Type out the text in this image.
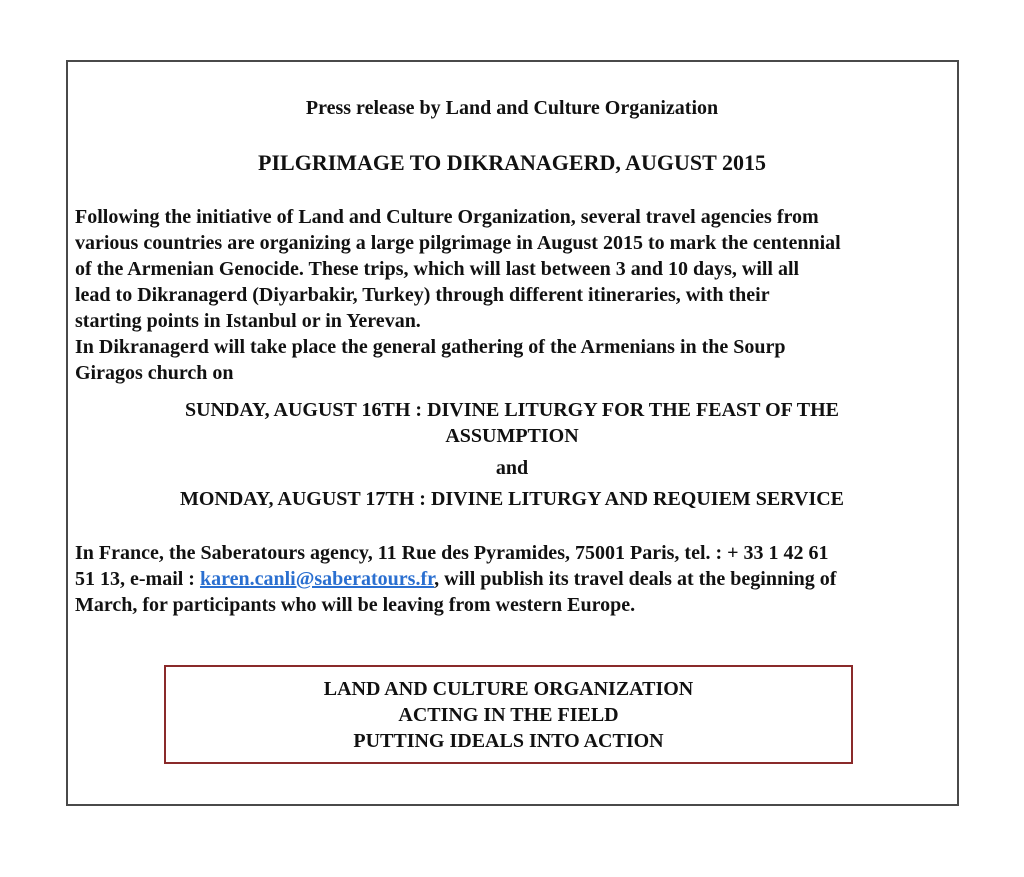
Press release by Land and Culture Organization
PILGRIMAGE TO DIKRANAGERD, AUGUST 2015
Following the initiative of Land and Culture Organization, several travel agencies from
various countries are organizing a large pilgrimage in August 2015 to mark the centennial
of the Armenian Genocide. These trips, which will last between 3 and 10 days, will all
lead to Dikranagerd (Diyarbakir, Turkey) through different itineraries, with their
starting points in Istanbul or in Yerevan.
In Dikranagerd will take place the general gathering of the Armenians in the Sourp
Giragos church on
SUNDAY, AUGUST 16TH : DIVINE LITURGY FOR THE FEAST OF THE
ASSUMPTION
and
MONDAY, AUGUST 17TH : DIVINE LITURGY AND REQUIEM SERVICE
In France, the Saberatours agency, 11 Rue des Pyramides, 75001 Paris, tel. : + 33 1 42 61
51 13, e-mail : karen.canli@saberatours.fr, will publish its travel deals at the beginning of
March, for participants who will be leaving from western Europe.
LAND AND CULTURE ORGANIZATION
ACTING IN THE FIELD
PUTTING IDEALS INTO ACTION
